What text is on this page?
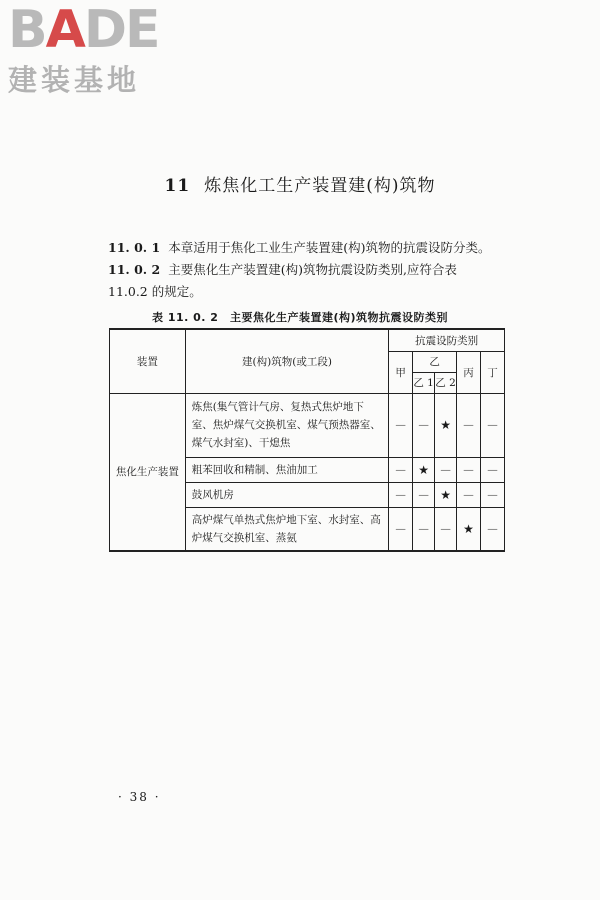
BADE
建装基地
11 炼焦化工生产装置建(构)筑物
11. 0. 1 本章适用于焦化工业生产装置建(构)筑物的抗震设防分类。
11. 0. 2 主要焦化生产装置建(构)筑物抗震设防类别,应符合表
11.0.2 的规定。
表 11. 0. 2　主要焦化生产装置建(构)筑物抗震设防类别
装置	建(构)筑物(或工段)	抗震设防类别				
		甲	乙		丙	丁
			乙 1	乙 2		
焦化生产装置	炼焦(集气管计气房、复热式焦炉地下室、焦炉煤气交换机室、煤气预热器室、煤气水封室)、干熄焦	—	—	★	—	—
	粗苯回收和精制、焦油加工	—	★	—	—	—
	鼓风机房	—	—	★	—	—
	高炉煤气单热式焦炉地下室、水封室、高炉煤气交换机室、蒸氨	—	—	—	★	—
· 38 ·
